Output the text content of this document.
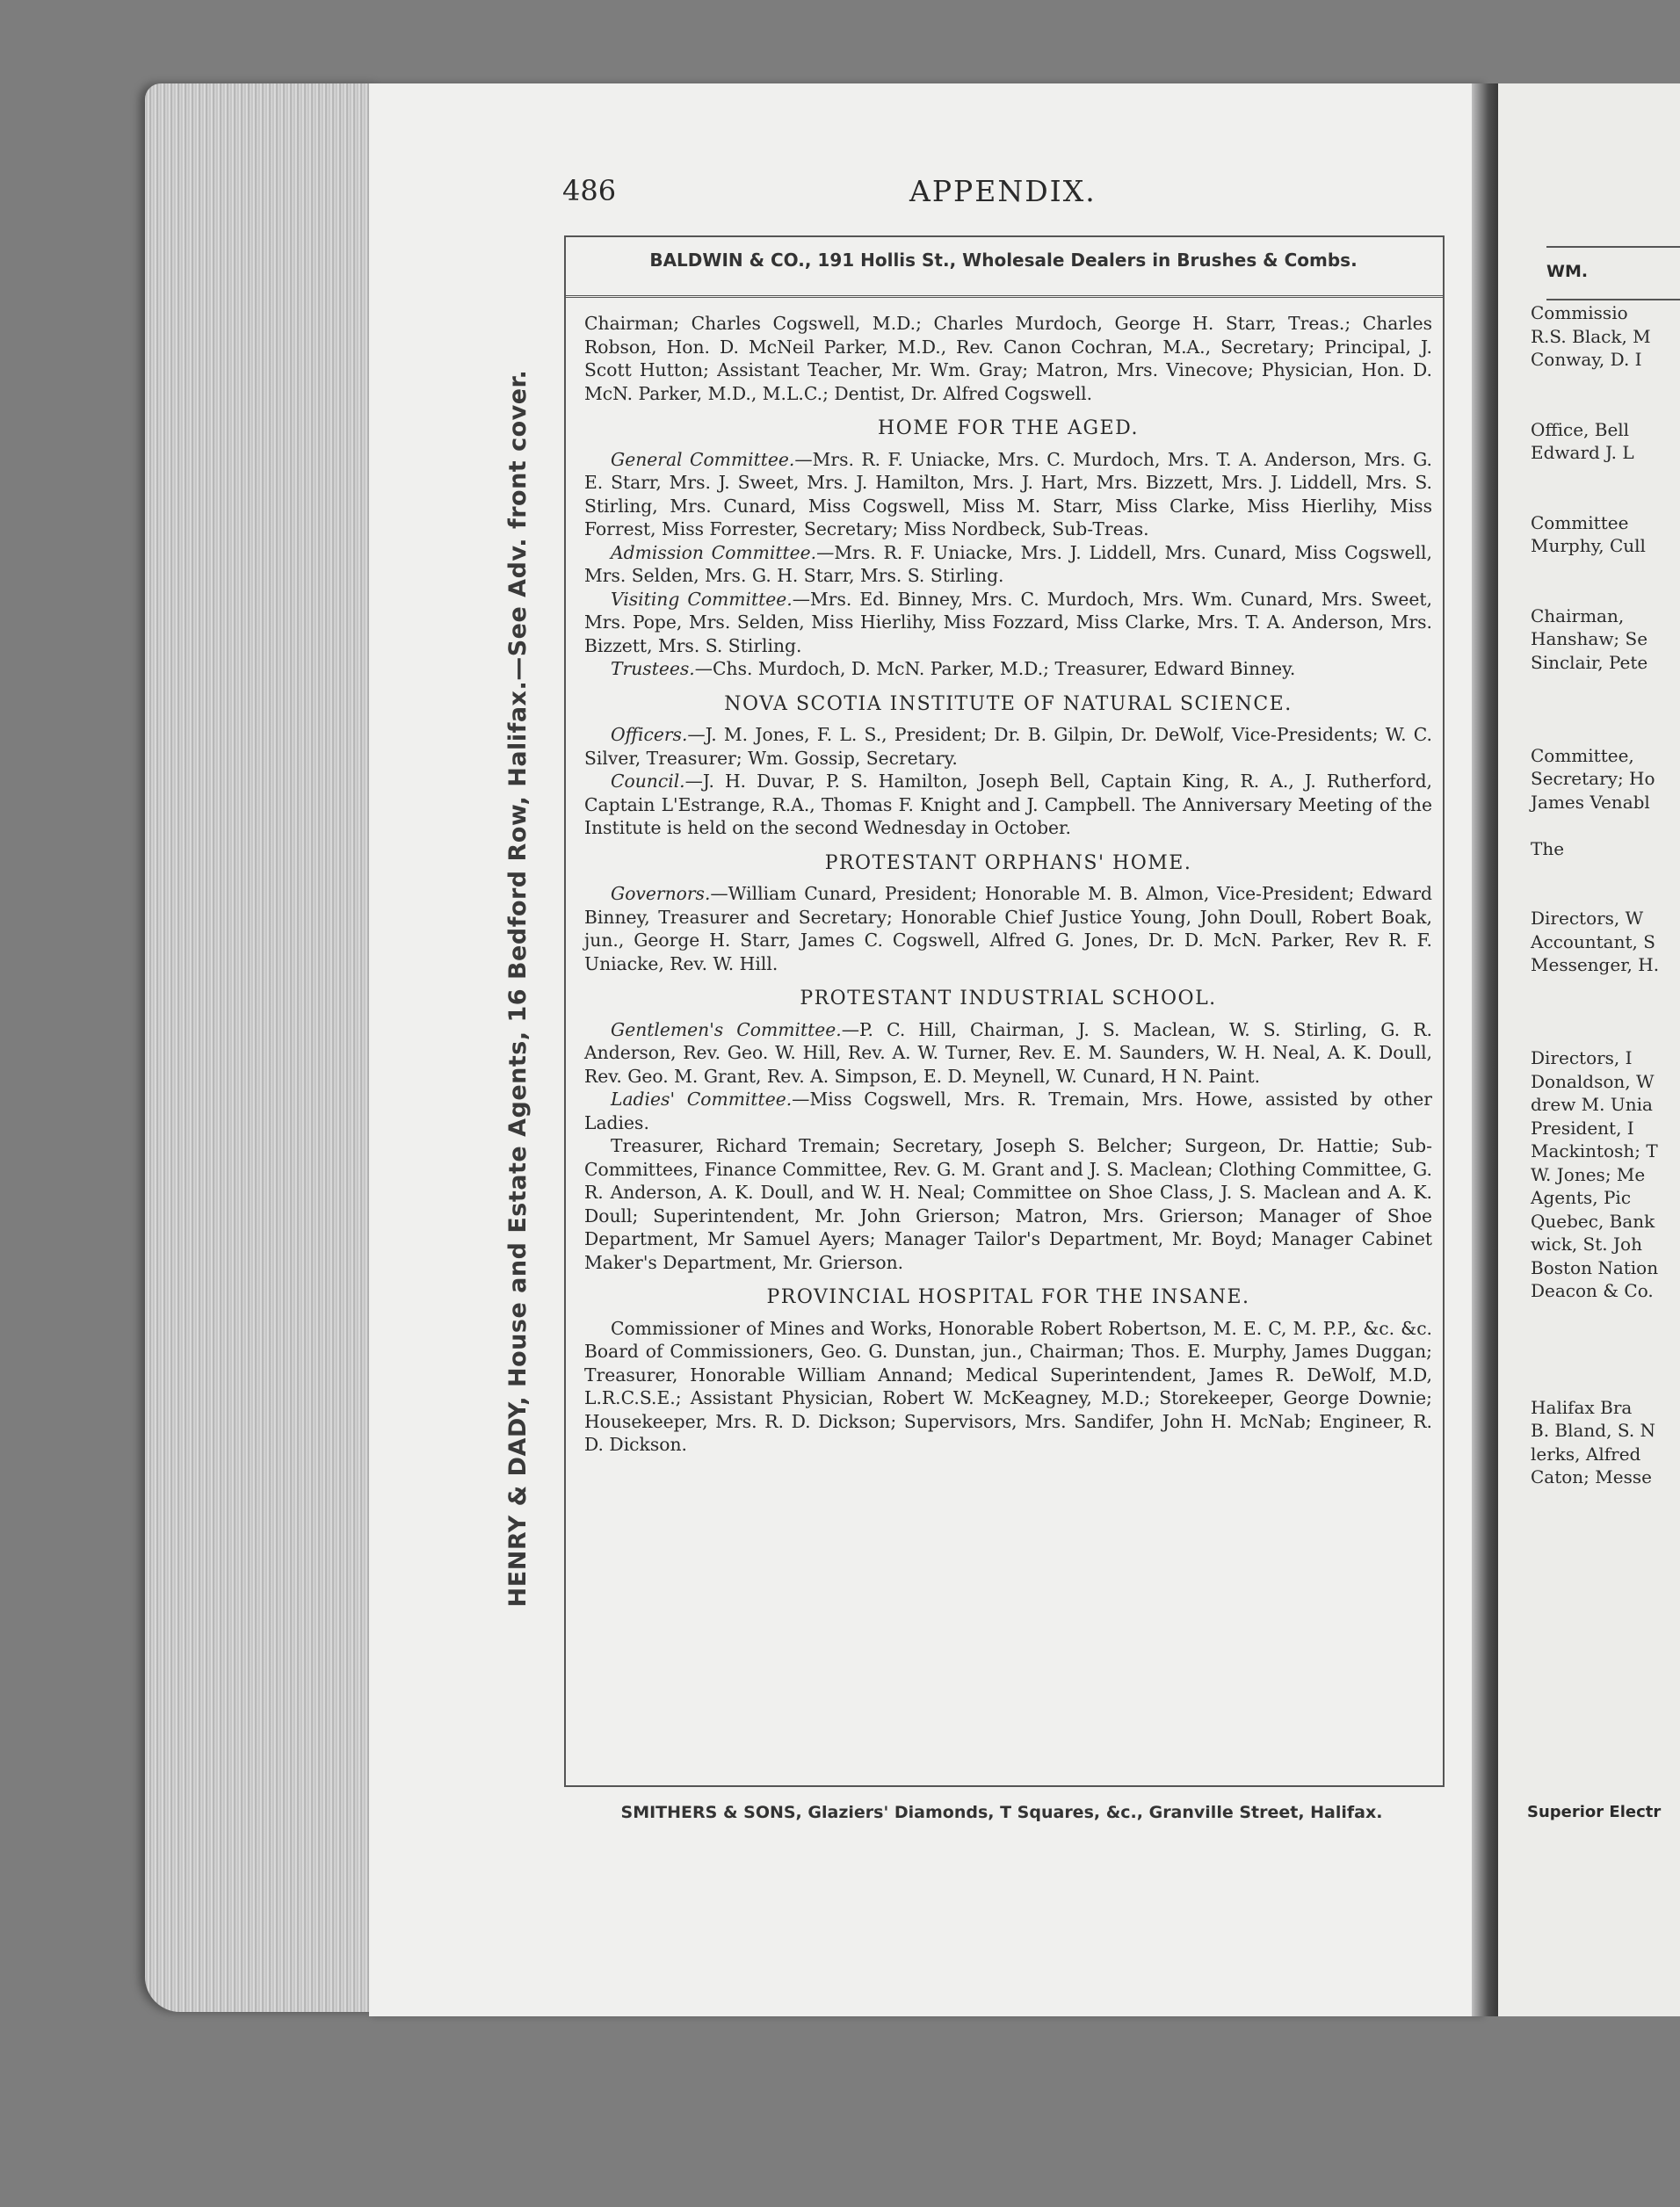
HENRY & DADY, House and Estate Agents, 16 Bedford Row, Halifax.—See Adv. front cover.
486	APPENDIX.
BALDWIN & CO., 191 Hollis St., Wholesale Dealers in Brushes & Combs.

Chairman; Charles Cogswell, M.D.; Charles Murdoch, George H. Starr, Treas.; Charles Robson, Hon. D. McNeil Parker, M.D., Rev. Canon Cochran, M.A., Secretary; Principal, J. Scott Hutton; Assistant Teacher, Mr. Wm. Gray; Matron, Mrs. Vinecove; Physician, Hon. D. McN. Parker, M.D., M.L.C.; Dentist, Dr. Alfred Cogswell.

HOME FOR THE AGED.

General Committee.—Mrs. R. F. Uniacke, Mrs. C. Murdoch, Mrs. T. A. Anderson, Mrs. G. E. Starr, Mrs. J. Sweet, Mrs. J. Hamilton, Mrs. J. Hart, Mrs. Bizzett, Mrs. J. Liddell, Mrs. S. Stirling, Mrs. Cunard, Miss Cogswell, Miss M. Starr, Miss Clarke, Miss Hierlihy, Miss Forrest, Miss Forrester, Secretary; Miss Nordbeck, Sub-Treas.

Admission Committee.—Mrs. R. F. Uniacke, Mrs. J. Liddell, Mrs. Cunard, Miss Cogswell, Mrs. Selden, Mrs. G. H. Starr, Mrs. S. Stirling.

Visiting Committee.—Mrs. Ed. Binney, Mrs. C. Murdoch, Mrs. Wm. Cunard, Mrs. Sweet, Mrs. Pope, Mrs. Selden, Miss Hierlihy, Miss Fozzard, Miss Clarke, Mrs. T. A. Anderson, Mrs. Bizzett, Mrs. S. Stirling.

Trustees.—Chs. Murdoch, D. McN. Parker, M.D.; Treasurer, Edward Binney.

NOVA SCOTIA INSTITUTE OF NATURAL SCIENCE.

Officers.—J. M. Jones, F. L. S., President; Dr. B. Gilpin, Dr. DeWolf, Vice-Presidents; W. C. Silver, Treasurer; Wm. Gossip, Secretary.

Council.—J. H. Duvar, P. S. Hamilton, Joseph Bell, Captain King, R. A., J. Rutherford, Captain L'Estrange, R.A., Thomas F. Knight and J. Campbell. The Anniversary Meeting of the Institute is held on the second Wednesday in October.

PROTESTANT ORPHANS' HOME.

Governors.—William Cunard, President; Honorable M. B. Almon, Vice-President; Edward Binney, Treasurer and Secretary; Honorable Chief Justice Young, John Doull, Robert Boak, jun., George H. Starr, James C. Cogswell, Alfred G. Jones, Dr. D. McN. Parker, Rev R. F. Uniacke, Rev. W. Hill.

PROTESTANT INDUSTRIAL SCHOOL.

Gentlemen's Committee.—P. C. Hill, Chairman, J. S. Maclean, W. S. Stirling, G. R. Anderson, Rev. Geo. W. Hill, Rev. A. W. Turner, Rev. E. M. Saunders, W. H. Neal, A. K. Doull, Rev. Geo. M. Grant, Rev. A. Simpson, E. D. Meynell, W. Cunard, H N. Paint.

Ladies' Committee.—Miss Cogswell, Mrs. R. Tremain, Mrs. Howe, assisted by other Ladies.

Treasurer, Richard Tremain; Secretary, Joseph S. Belcher; Surgeon, Dr. Hattie; Sub-Committees, Finance Committee, Rev. G. M. Grant and J. S. Maclean; Clothing Committee, G. R. Anderson, A. K. Doull, and W. H. Neal; Committee on Shoe Class, J. S. Maclean and A. K. Doull; Superintendent, Mr. John Grierson; Matron, Mrs. Grierson; Manager of Shoe Department, Mr Samuel Ayers; Manager Tailor's Department, Mr. Boyd; Manager Cabinet Maker's Department, Mr. Grierson.

PROVINCIAL HOSPITAL FOR THE INSANE.

Commissioner of Mines and Works, Honorable Robert Robertson, M. E. C, M. P.P., &c. &c. Board of Commissioners, Geo. G. Dunstan, jun., Chairman; Thos. E. Murphy, James Duggan; Treasurer, Honorable William Annand; Medical Superintendent, James R. DeWolf, M.D, L.R.C.S.E.; Assistant Physician, Robert W. McKeagney, M.D.; Storekeeper, George Downie; Housekeeper, Mrs. R. D. Dickson; Supervisors, Mrs. Sandifer, John H. McNab; Engineer, R. D. Dickson.

SMITHERS & SONS, Glaziers' Diamonds, T Squares, &c., Granville Street, Halifax.
WM.
Commissio
R.S. Black, M
Conway, D. I
Office, Bell
Edward J. L
Committee
Murphy, Cull
Chairman,
Hanshaw; Se
Sinclair, Pete
Committee,
Secretary; Ho
James Venabl
The
Directors, W
Accountant, S
Messenger, H.
Directors, I
Donaldson, W
drew M. Unia
President, I
Mackintosh; T
W. Jones; Me
Agents, Pic
Quebec, Bank
wick, St. Joh
Boston Nation
Deacon & Co.
Halifax Bra
B. Bland, S. N
lerks, Alfred
Caton; Messe
Superior Electr
